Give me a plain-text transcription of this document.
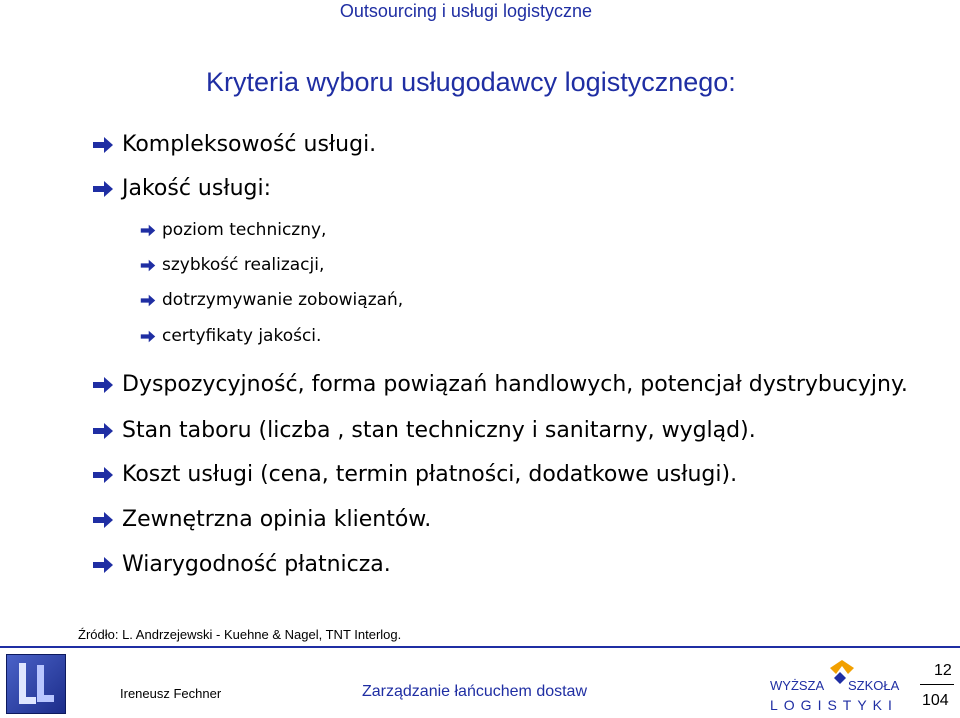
Outsourcing i usługi logistyczne
Kryteria wyboru usługodawcy logistycznego:
Kompleksowość usługi.
Jakość usługi:
poziom techniczny,
szybkość realizacji,
dotrzymywanie zobowiązań,
certyfikaty jakości.
Dyspozycyjność, forma powiązań handlowych, potencjał dystrybucyjny.
Stan taboru (liczba , stan techniczny i sanitarny, wygląd).
Koszt usługi (cena, termin płatności, dodatkowe usługi).
Zewnętrzna opinia klientów.
Wiarygodność płatnicza.
Źródło: L. Andrzejewski - Kuehne & Nagel, TNT Interlog.
Ireneusz Fechner	Zarządzanie łańcuchem dostaw	WYŻSZA SZKOŁA
LOGISTYKI
12
104
